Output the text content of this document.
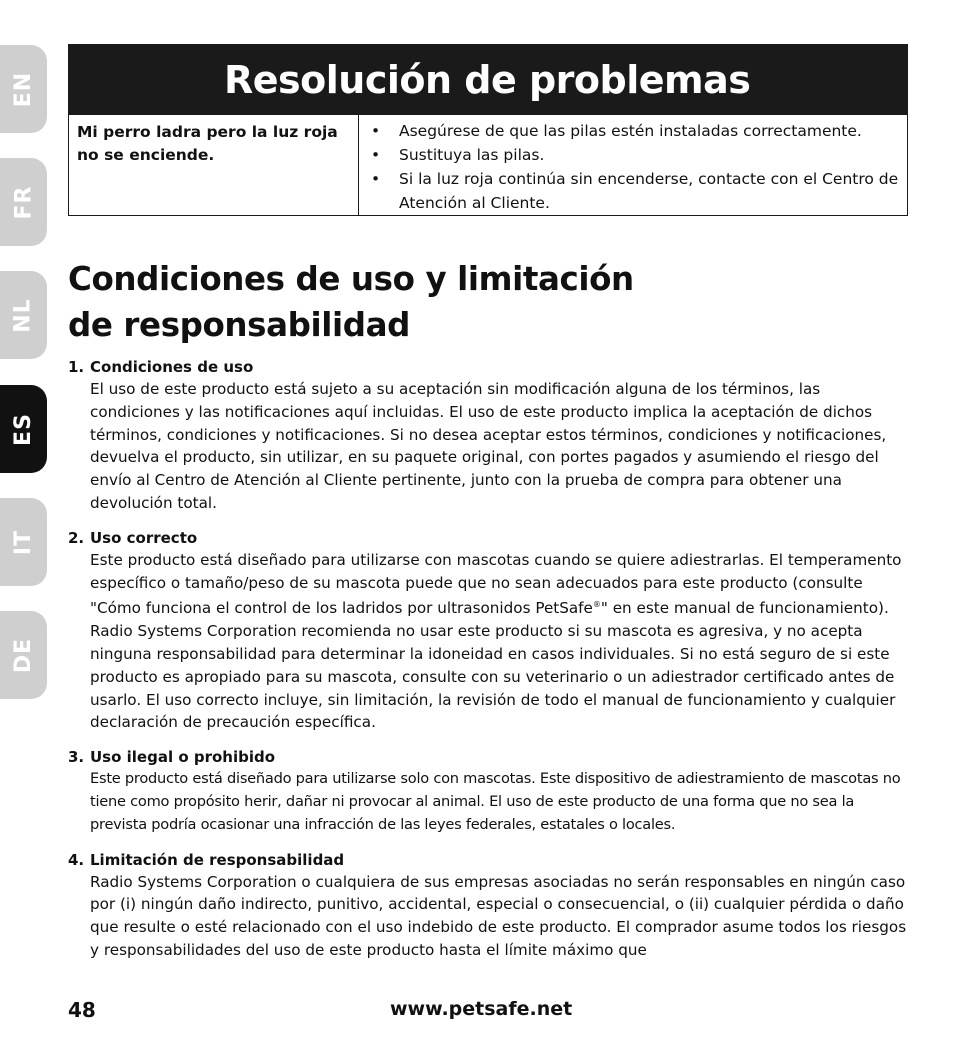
EN
FR
NL
ES
IT
DE
Resolución de problemas
Mi perro ladra pero la luz roja no se enciende.
• Asegúrese de que las pilas estén instaladas correctamente.
• Sustituya las pilas.
• Si la luz roja continúa sin encenderse, contacte con el Centro de Atención al Cliente.
Condiciones de uso y limitación
de responsabilidad
1. Condiciones de uso
El uso de este producto está sujeto a su aceptación sin modificación alguna de los términos, las condiciones y las notificaciones aquí incluidas. El uso de este producto implica la aceptación de dichos términos, condiciones y notificaciones. Si no desea aceptar estos términos, condiciones y notificaciones, devuelva el producto, sin utilizar, en su paquete original, con portes pagados y asumiendo el riesgo del envío al Centro de Atención al Cliente pertinente, junto con la prueba de compra para obtener una devolución total.
2. Uso correcto
Este producto está diseñado para utilizarse con mascotas cuando se quiere adiestrarlas. El temperamento específico o tamaño/peso de su mascota puede que no sean adecuados para este producto (consulte "Cómo funciona el control de los ladridos por ultrasonidos PetSafe®" en este manual de funcionamiento). Radio Systems Corporation recomienda no usar este producto si su mascota es agresiva, y no acepta ninguna responsabilidad para determinar la idoneidad en casos individuales. Si no está seguro de si este producto es apropiado para su mascota, consulte con su veterinario o un adiestrador certificado antes de usarlo. El uso correcto incluye, sin limitación, la revisión de todo el manual de funcionamiento y cualquier declaración de precaución específica.
3. Uso ilegal o prohibido
Este producto está diseñado para utilizarse solo con mascotas. Este dispositivo de adiestramiento de mascotas no tiene como propósito herir, dañar ni provocar al animal. El uso de este producto de una forma que no sea la prevista podría ocasionar una infracción de las leyes federales, estatales o locales.
4. Limitación de responsabilidad
Radio Systems Corporation o cualquiera de sus empresas asociadas no serán responsables en ningún caso por (i) ningún daño indirecto, punitivo, accidental, especial o consecuencial, o (ii) cualquier pérdida o daño que resulte o esté relacionado con el uso indebido de este producto. El comprador asume todos los riesgos y responsabilidades del uso de este producto hasta el límite máximo que
48	www.petsafe.net
